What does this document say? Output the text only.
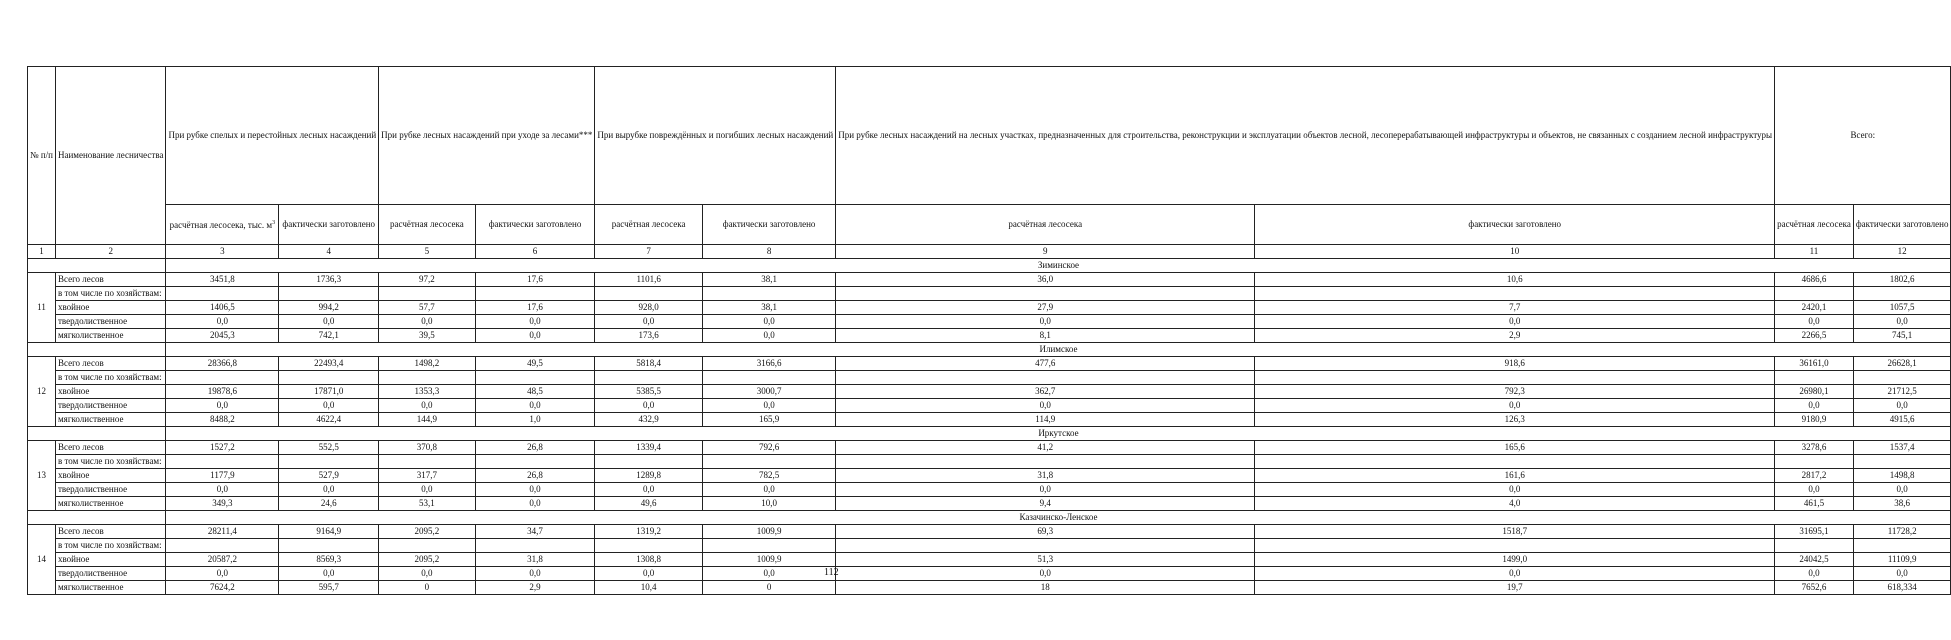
№ п/п	Наименование лесничества	При рубке спелых и перестойных лесных насаждений		При рубке лесных насаждений при уходе за лесами***		При вырубке повреждённых и погибших лесных насаждений		При рубке лесных насаждений на лесных участках, предназначенных для строительства, реконструкции и эксплуатации объектов лесной, лесоперерабатывающей инфраструктуры и объектов, не связанных с созданием лесной инфраструктуры		Всего:	
		расчётная лесосека, тыс. $м^3$	фактически заготовлено	расчётная лесосека	фактически заготовлено	расчётная лесосека	фактически заготовлено	расчётная лесосека	фактически заготовлено	расчётная лесосека	фактически заготовлено
1	2	3	4	5	6	7	8	9	10	11	12
		Зиминское									
11	Всего лесов	3451,8	1736,3	97,2	17,6	1101,6	38,1	36,0	10,6	4686,6	1802,6
	в том числе по хозяйствам:										
	хвойное	1406,5	994,2	57,7	17,6	928,0	38,1	27,9	7,7	2420,1	1057,5
	твердолиственное	0,0	0,0	0,0	0,0	0,0	0,0	0,0	0,0	0,0	0,0
	мягколиственное	2045,3	742,1	39,5	0,0	173,6	0,0	8,1	2,9	2266,5	745,1
		Илимское									
12	Всего лесов	28366,8	22493,4	1498,2	49,5	5818,4	3166,6	477,6	918,6	36161,0	26628,1
	в том числе по хозяйствам:										
	хвойное	19878,6	17871,0	1353,3	48,5	5385,5	3000,7	362,7	792,3	26980,1	21712,5
	твердолиственное	0,0	0,0	0,0	0,0	0,0	0,0	0,0	0,0	0,0	0,0
	мягколиственное	8488,2	4622,4	144,9	1,0	432,9	165,9	114,9	126,3	9180,9	4915,6
		Иркутское									
13	Всего лесов	1527,2	552,5	370,8	26,8	1339,4	792,6	41,2	165,6	3278,6	1537,4
	в том числе по хозяйствам:										
	хвойное	1177,9	527,9	317,7	26,8	1289,8	782,5	31,8	161,6	2817,2	1498,8
	твердолиственное	0,0	0,0	0,0	0,0	0,0	0,0	0,0	0,0	0,0	0,0
	мягколиственное	349,3	24,6	53,1	0,0	49,6	10,0	9,4	4,0	461,5	38,6
		Казачинско-Ленское									
14	Всего лесов	28211,4	9164,9	2095,2	34,7	1319,2	1009,9	69,3	1518,7	31695,1	11728,2
	в том числе по хозяйствам:										
	хвойное	20587,2	8569,3	2095,2	31,8	1308,8	1009,9	51,3	1499,0	24042,5	11109,9
	твердолиственное	0,0	0,0	0,0	0,0	0,0	0,0	0,0	0,0	0,0	0,0
	мягколиственное	7624,2	595,7	0	2,9	10,4	0	18	19,7	7652,6	618,334
112
